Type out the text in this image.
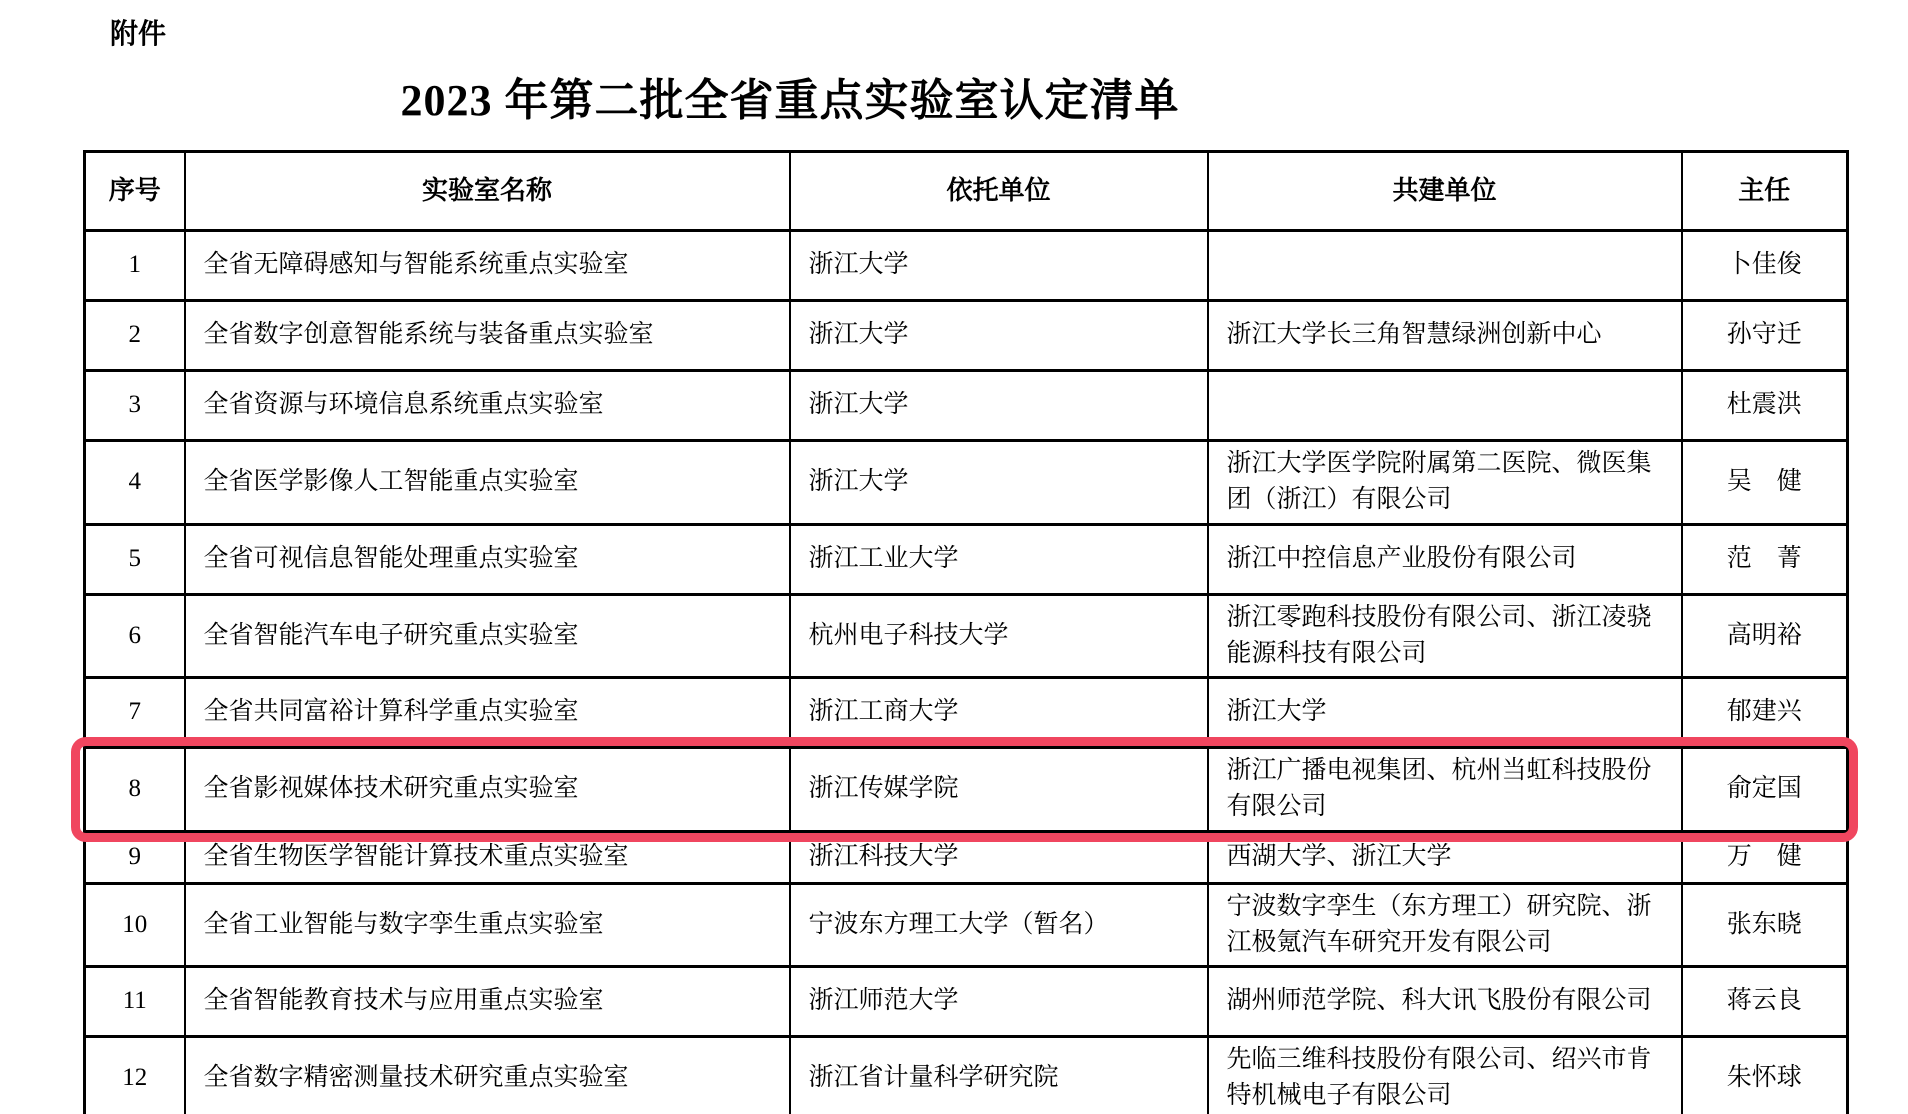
附件
2023 年第二批全省重点实验室认定清单
序号	实验室名称	依托单位	共建单位	主任
1	全省无障碍感知与智能系统重点实验室	浙江大学		卜佳俊
2	全省数字创意智能系统与装备重点实验室	浙江大学	浙江大学长三角智慧绿洲创新中心	孙守迁
3	全省资源与环境信息系统重点实验室	浙江大学		杜震洪
4	全省医学影像人工智能重点实验室	浙江大学	浙江大学医学院附属第二医院、微医集团（浙江）有限公司	吴　健
5	全省可视信息智能处理重点实验室	浙江工业大学	浙江中控信息产业股份有限公司	范　菁
6	全省智能汽车电子研究重点实验室	杭州电子科技大学	浙江零跑科技股份有限公司、浙江凌骁能源科技有限公司	高明裕
7	全省共同富裕计算科学重点实验室	浙江工商大学	浙江大学	郁建兴
8	全省影视媒体技术研究重点实验室	浙江传媒学院	浙江广播电视集团、杭州当虹科技股份有限公司	俞定国
9	全省生物医学智能计算技术重点实验室	浙江科技大学	西湖大学、浙江大学	万　健
10	全省工业智能与数字孪生重点实验室	宁波东方理工大学（暂名）	宁波数字孪生（东方理工）研究院、浙江极氪汽车研究开发有限公司	张东晓
11	全省智能教育技术与应用重点实验室	浙江师范大学	湖州师范学院、科大讯飞股份有限公司	蒋云良
12	全省数字精密测量技术研究重点实验室	浙江省计量科学研究院	先临三维科技股份有限公司、绍兴市肯特机械电子有限公司	朱怀球
